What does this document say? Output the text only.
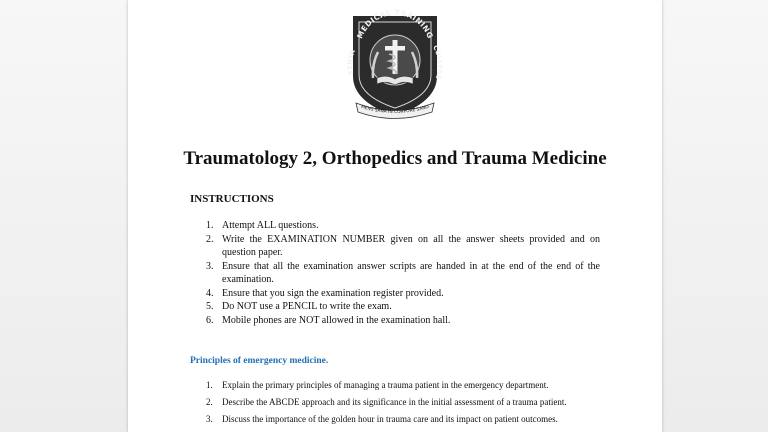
MEDICAL TRAINING
KENYA
COLLEGE
MENS SANA IN CORPORE SANO
Traumatology 2, Orthopedics and Trauma Medicine
INSTRUCTIONS
1. Attempt ALL questions.
2. Write the EXAMINATION NUMBER given on all the answer sheets provided and on question paper.
3. Ensure that all the examination answer scripts are handed in at the end of the end of the examination.
4. Ensure that you sign the examination register provided.
5. Do NOT use a PENCIL to write the exam.
6. Mobile phones are NOT allowed in the examination hall.
Principles of emergency medicine.
1. Explain the primary principles of managing a trauma patient in the emergency department.
2. Describe the ABCDE approach and its significance in the initial assessment of a trauma patient.
3. Discuss the importance of the golden hour in trauma care and its impact on patient outcomes.
